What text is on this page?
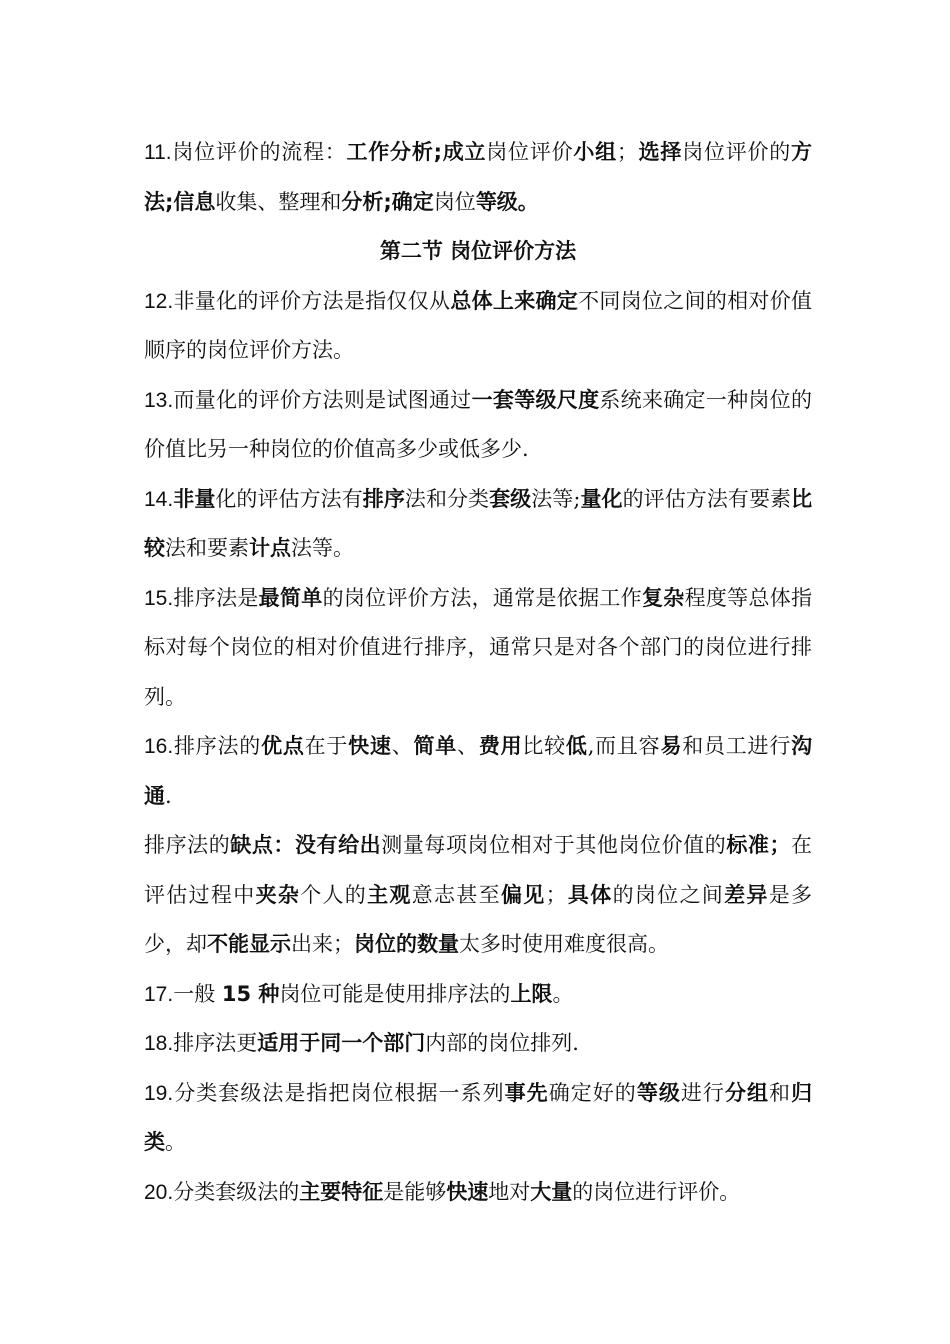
11.岗位评价的流程：工作分析;成立岗位评价小组；选择岗位评价的方法;信息收集、整理和分析;确定岗位等级。

第二节 岗位评价方法

12.非量化的评价方法是指仅仅从总体上来确定不同岗位之间的相对价值顺序的岗位评价方法。

13.而量化的评价方法则是试图通过一套等级尺度系统来确定一种岗位的价值比另一种岗位的价值高多少或低多少.

14.非量化的评估方法有排序法和分类套级法等;量化的评估方法有要素比较法和要素计点法等。

15.排序法是最简单的岗位评价方法，通常是依据工作复杂程度等总体指标对每个岗位的相对价值进行排序，通常只是对各个部门的岗位进行排列。

16.排序法的优点在于快速、简单、费用比较低,而且容易和员工进行沟通.

排序法的缺点：没有给出测量每项岗位相对于其他岗位价值的标准；在评估过程中夹杂个人的主观意志甚至偏见；具体的岗位之间差异是多少，却不能显示出来；岗位的数量太多时使用难度很高。

17.一般 15 种岗位可能是使用排序法的上限。

18.排序法更适用于同一个部门内部的岗位排列.

19.分类套级法是指把岗位根据一系列事先确定好的等级进行分组和归类。

20.分类套级法的主要特征是能够快速地对大量的岗位进行评价。
